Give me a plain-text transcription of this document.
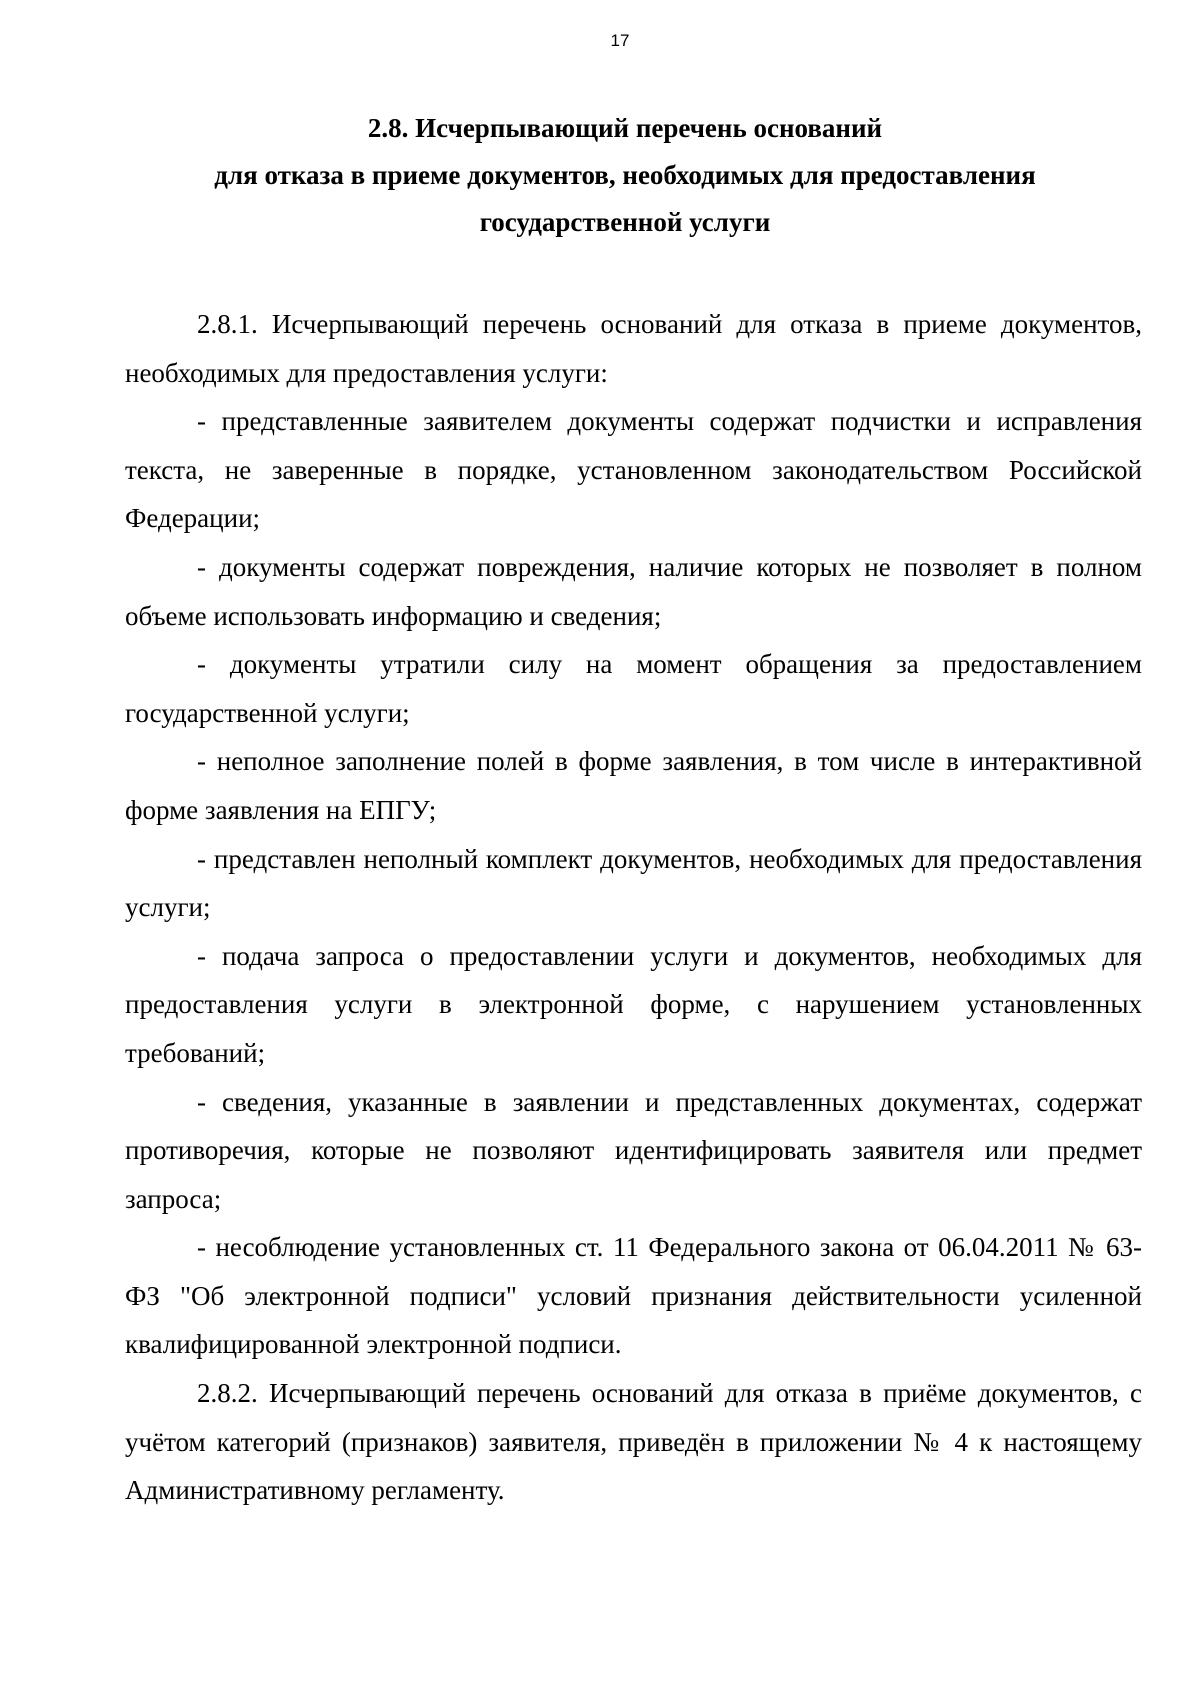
17
2.8. Исчерпывающий перечень оснований
для отказа в приеме документов, необходимых для предоставления
государственной услуги

2.8.1. Исчерпывающий перечень оснований для отказа в приеме документов, необходимых для предоставления услуги:

- представленные заявителем документы содержат подчистки и исправления текста, не заверенные в порядке, установленном законодательством Российской Федерации;

- документы содержат повреждения, наличие которых не позволяет в полном объеме использовать информацию и сведения;

- документы утратили силу на момент обращения за предоставлением государственной услуги;

- неполное заполнение полей в форме заявления, в том числе в интерактивной форме заявления на ЕПГУ;

- представлен неполный комплект документов, необходимых для предоставления услуги;

- подача запроса о предоставлении услуги и документов, необходимых для предоставления услуги в электронной форме, с нарушением установленных требований;

- сведения, указанные в заявлении и представленных документах, содержат противоречия, которые не позволяют идентифицировать заявителя или предмет запроса;

- несоблюдение установленных ст. 11 Федерального закона от 06.04.2011 № 63-ФЗ "Об электронной подписи" условий признания действительности усиленной квалифицированной электронной подписи.

2.8.2. Исчерпывающий перечень оснований для отказа в приёме документов, с учётом категорий (признаков) заявителя, приведён в приложении № 4 к настоящему Административному регламенту.
